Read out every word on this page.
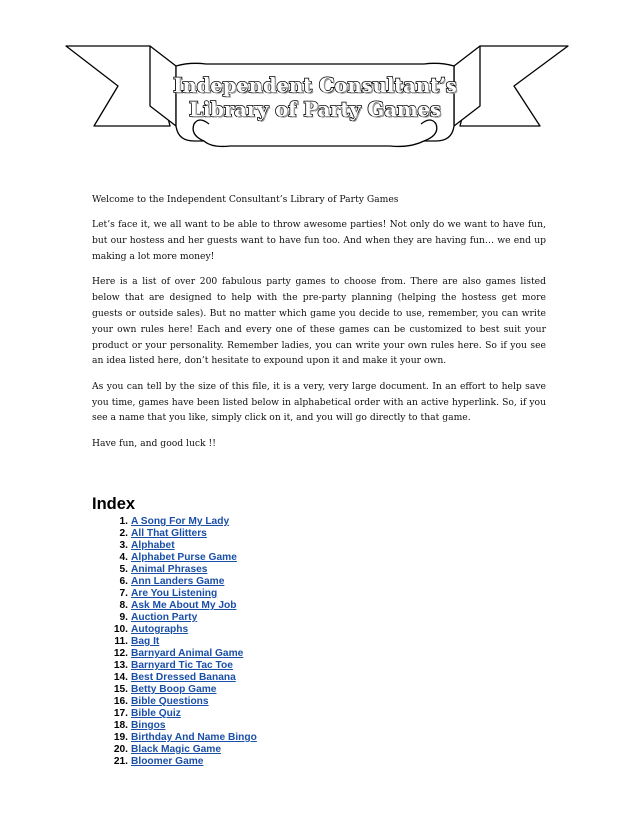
Independent Consultant’s
Library of Party Games

Welcome to the Independent Consultant’s Library of Party Games

Let’s face it, we all want to be able to throw awesome parties! Not only do we want to have fun, but our hostess and her guests want to have fun too. And when they are having fun… we end up making a lot more money!

Here is a list of over 200 fabulous party games to choose from. There are also games listed below that are designed to help with the pre-party planning (helping the hostess get more guests or outside sales). But no matter which game you decide to use, remember, you can write your own rules here! Each and every one of these games can be customized to best suit your product or your personality. Remember ladies, you can write your own rules here. So if you see an idea listed here, don’t hesitate to expound upon it and make it your own.

As you can tell by the size of this file, it is a very, very large document. In an effort to help save you time, games have been listed below in alphabetical order with an active hyperlink. So, if you see a name that you like, simply click on it, and you will go directly to that game.

Have fun, and good luck !!

Index
1. A Song For My Lady
2. All That Glitters
3. Alphabet
4. Alphabet Purse Game
5. Animal Phrases
6. Ann Landers Game
7. Are You Listening
8. Ask Me About My Job
9. Auction Party
10. Autographs
11. Bag It
12. Barnyard Animal Game
13. Barnyard Tic Tac Toe
14. Best Dressed Banana
15. Betty Boop Game
16. Bible Questions
17. Bible Quiz
18. Bingos
19. Birthday And Name Bingo
20. Black Magic Game
21. Bloomer Game
